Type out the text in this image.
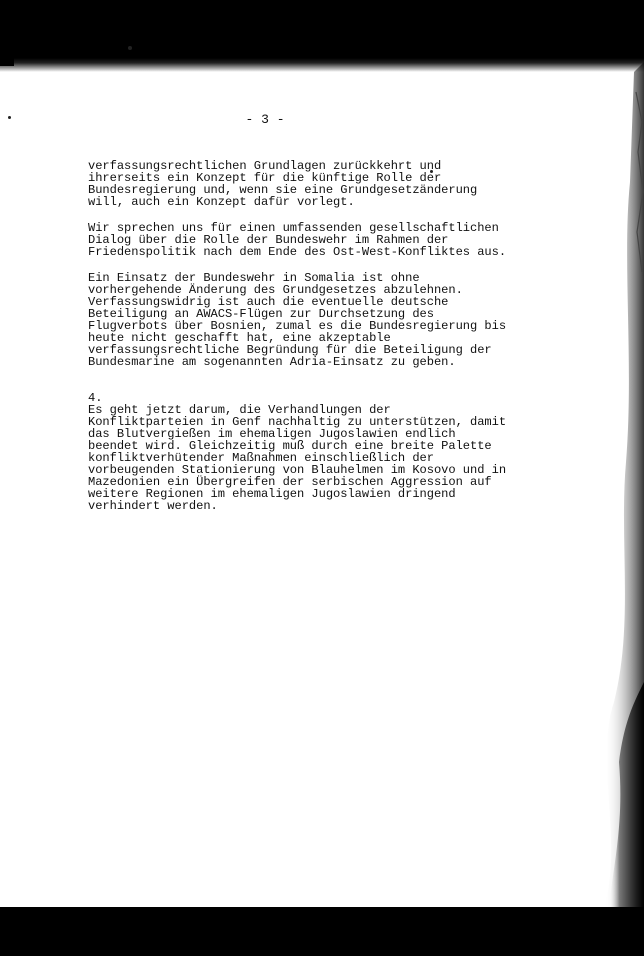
- 3 -

verfassungsrechtlichen Grundlagen zurückkehrt und
ihrerseits ein Konzept für die künftige Rolle der
Bundesregierung und, wenn sie eine Grundgesetzänderung
will, auch ein Konzept dafür vorlegt.

Wir sprechen uns für einen umfassenden gesellschaftlichen
Dialog über die Rolle der Bundeswehr im Rahmen der
Friedenspolitik nach dem Ende des Ost-West-Konfliktes aus.

Ein Einsatz der Bundeswehr in Somalia ist ohne
vorhergehende Änderung des Grundgesetzes abzulehnen.
Verfassungswidrig ist auch die eventuelle deutsche
Beteiligung an AWACS-Flügen zur Durchsetzung des
Flugverbots über Bosnien, zumal es die Bundesregierung bis
heute nicht geschafft hat, eine akzeptable
verfassungsrechtliche Begründung für die Beteiligung der
Bundesmarine am sogenannten Adria-Einsatz zu geben.

4.
Es geht jetzt darum, die Verhandlungen der
Konfliktparteien in Genf nachhaltig zu unterstützen, damit
das Blutvergießen im ehemaligen Jugoslawien endlich
beendet wird. Gleichzeitig muß durch eine breite Palette
konfliktverhütender Maßnahmen einschließlich der
vorbeugenden Stationierung von Blauhelmen im Kosovo und in
Mazedonien ein Übergreifen der serbischen Aggression auf
weitere Regionen im ehemaligen Jugoslawien dringend
verhindert werden.
